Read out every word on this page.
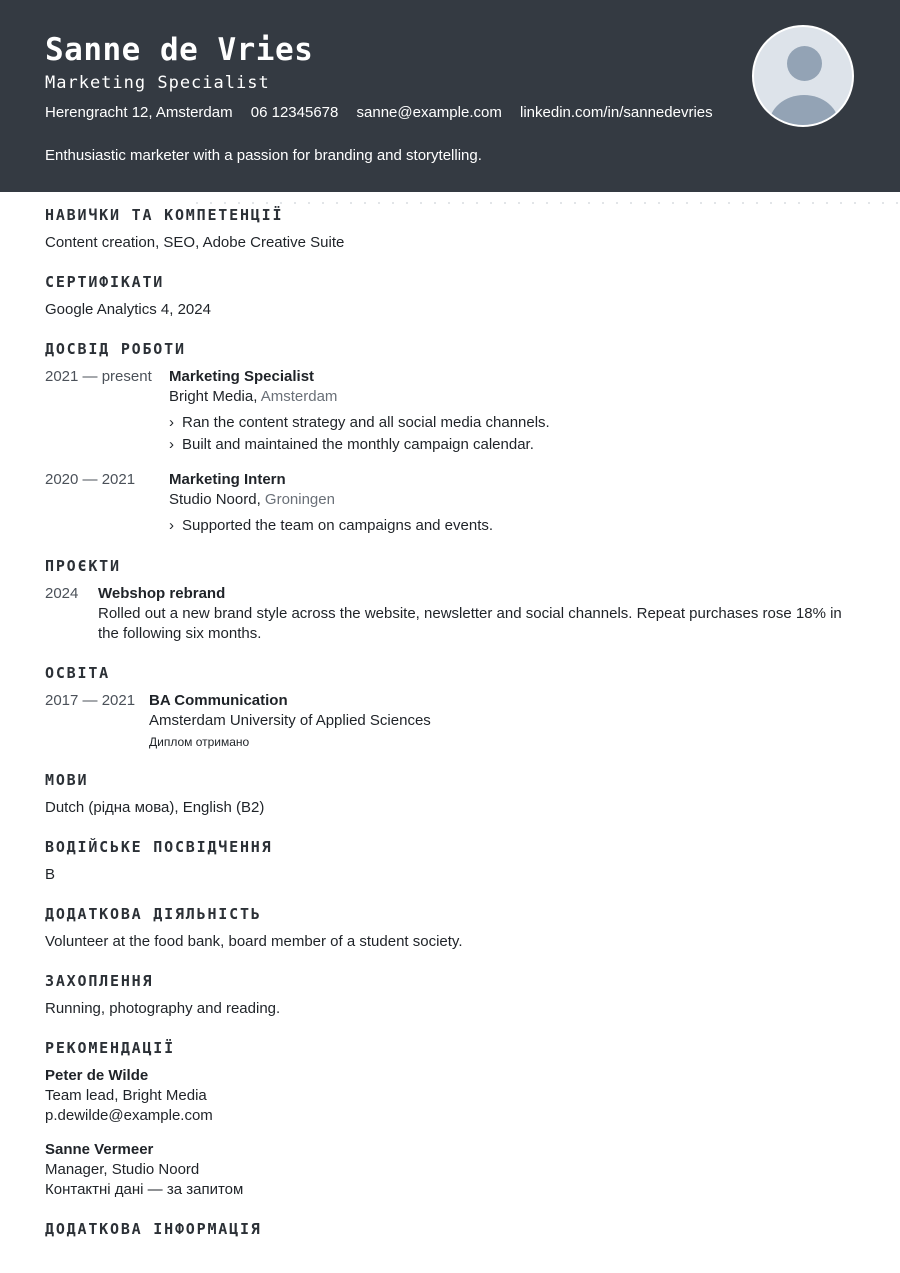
Sanne de Vries
Marketing Specialist
Herengracht 12, Amsterdam 06 12345678 sanne@example.com linkedin.com/in/sannedevries
Enthusiastic marketer with a passion for branding and storytelling.
НАВИЧКИ ТА КОМПЕТЕНЦІЇ
Content creation, SEO, Adobe Creative Suite
СЕРТИФІКАТИ
Google Analytics 4, 2024
ДОСВІД РОБОТИ
2021 — present	Marketing Specialist
Bright Media, Amsterdam
› Ran the content strategy and all social media channels.
› Built and maintained the monthly campaign calendar.
2020 — 2021	Marketing Intern
Studio Noord, Groningen
› Supported the team on campaigns and events.
ПРОЄКТИ
2024	Webshop rebrand
Rolled out a new brand style across the website, newsletter and social channels. Repeat purchases rose 18% in the following six months.
ОСВІТА
2017 — 2021 BA Communication
Amsterdam University of Applied Sciences
Диплом отримано
МОВИ
Dutch (рідна мова), English (B2)
ВОДІЙСЬКЕ ПОСВІДЧЕННЯ
B
ДОДАТКОВА ДІЯЛЬНІСТЬ
Volunteer at the food bank, board member of a student society.
ЗАХОПЛЕННЯ
Running, photography and reading.
РЕКОМЕНДАЦІЇ
Peter de Wilde
Team lead, Bright Media
p.dewilde@example.com
Sanne Vermeer
Manager, Studio Noord
Контактні дані — за запитом
ДОДАТКОВА ІНФОРМАЦІЯ
